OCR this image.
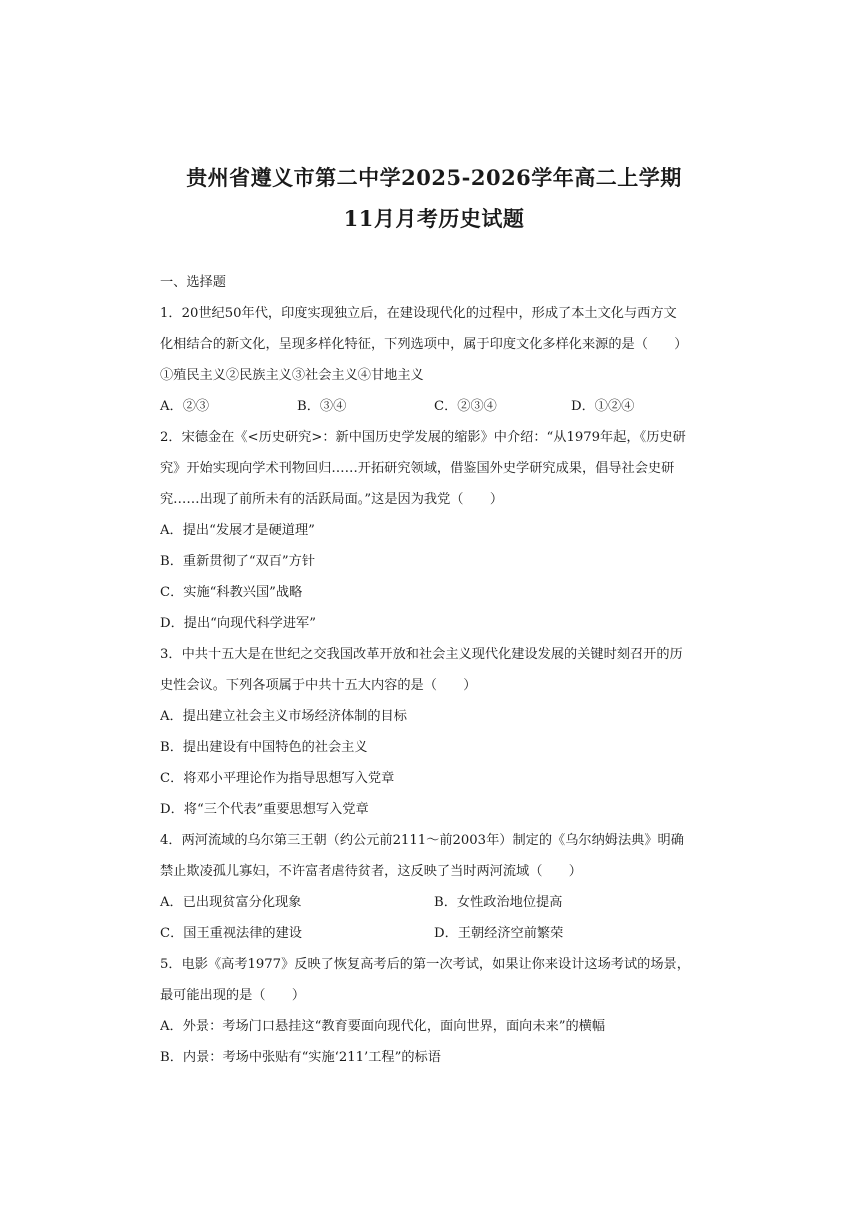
贵州省遵义市第二中学2025-2026学年高二上学期
11月月考历史试题
一、选择题
1．20世纪50年代，印度实现独立后，在建设现代化的过程中，形成了本土文化与西方文
化相结合的新文化，呈现多样化特征，下列选项中，属于印度文化多样化来源的是（　　）
①殖民主义②民族主义③社会主义④甘地主义
A．②③	B．③④	C．②③④	D．①②④
2．宋德金在《<历史研究>：新中国历史学发展的缩影》中介绍：“从1979年起，《历史研
究》开始实现向学术刊物回归……开拓研究领域，借鉴国外史学研究成果，倡导社会史研
究……出现了前所未有的活跃局面。”这是因为我党（　　）
A．提出“发展才是硬道理”
B．重新贯彻了“双百”方针
C．实施“科教兴国”战略
D．提出“向现代科学进军”
3．中共十五大是在世纪之交我国改革开放和社会主义现代化建设发展的关键时刻召开的历
史性会议。下列各项属于中共十五大内容的是（　　）
A．提出建立社会主义市场经济体制的目标
B．提出建设有中国特色的社会主义
C．将邓小平理论作为指导思想写入党章
D．将“三个代表”重要思想写入党章
4．两河流域的乌尔第三王朝（约公元前2111～前2003年）制定的《乌尔纳姆法典》明确
禁止欺凌孤儿寡妇，不许富者虐待贫者，这反映了当时两河流域（　　）
A．已出现贫富分化现象	B．女性政治地位提高
C．国王重视法律的建设	D．王朝经济空前繁荣
5．电影《高考1977》反映了恢复高考后的第一次考试，如果让你来设计这场考试的场景，
最可能出现的是（　　）
A．外景：考场门口悬挂这“教育要面向现代化，面向世界，面向未来”的横幅
B．内景：考场中张贴有“实施‘211’工程”的标语
